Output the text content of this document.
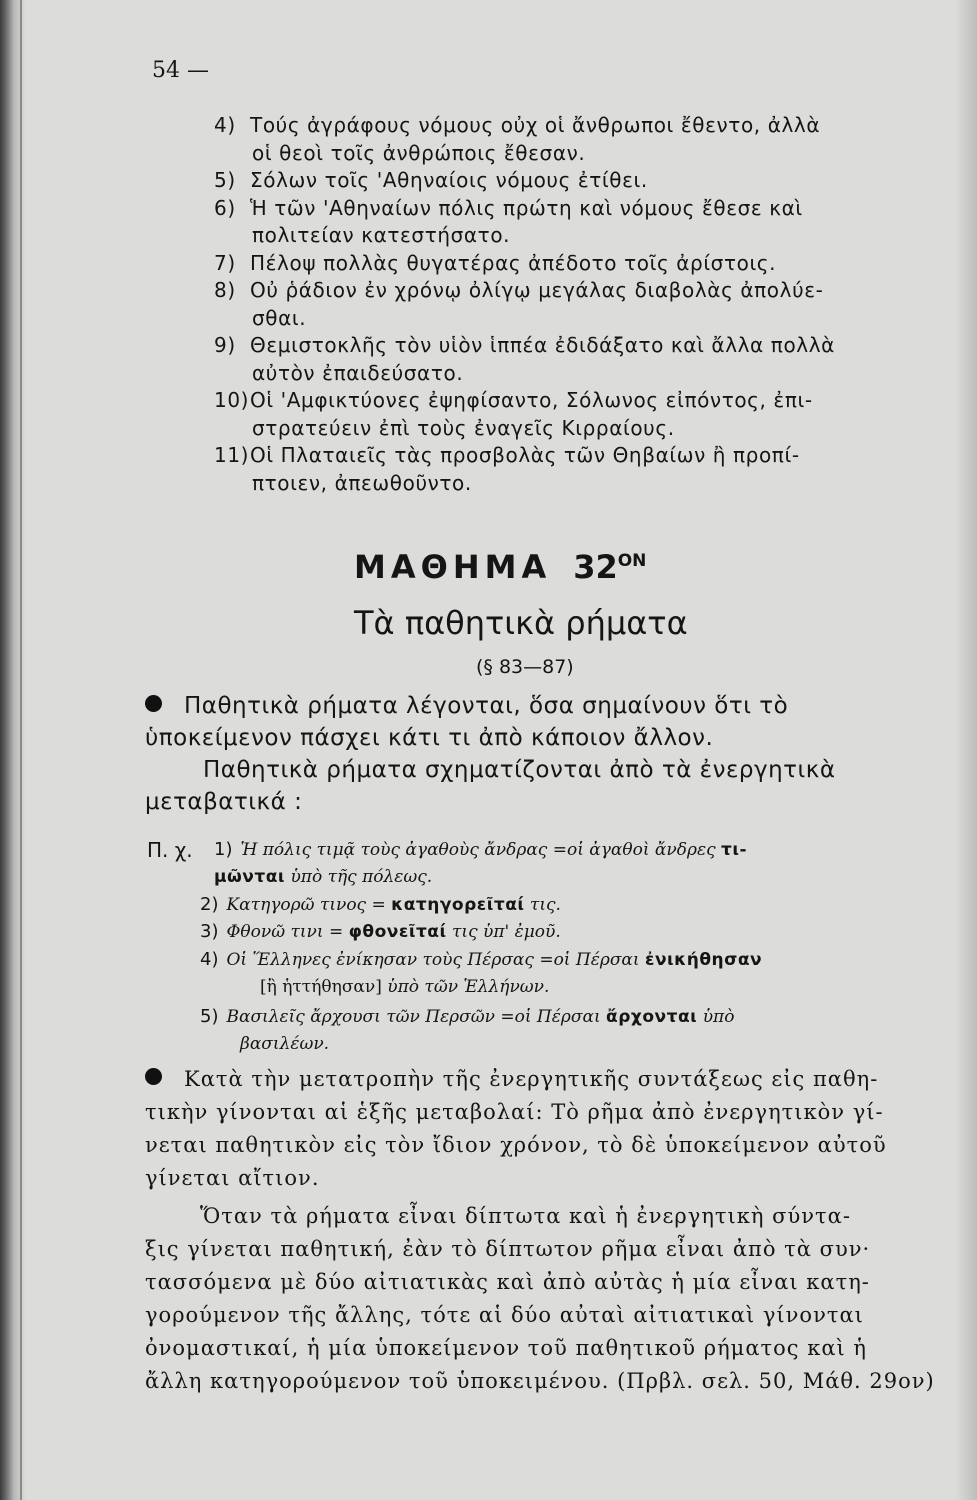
54 —
4) Τούς ἀγράφους νόμους οὐχ οἱ ἄνθρωποι ἔθεντο, ἀλλὰ
οἱ θεοὶ τοῖς ἀνθρώποις ἔθεσαν.
5) Σόλων τοῖς 'Αθηναίοις νόμους ἐτίθει.
6) Ἡ τῶν 'Αθηναίων πόλις πρώτη καὶ νόμους ἔθεσε καὶ
πολιτείαν κατεστήσατο.
7) Πέλοψ πολλὰς θυγατέρας ἀπέδοτο τοῖς ἀρίστοις.
8) Οὐ ῥάδιον ἐν χρόνῳ ὀλίγῳ μεγάλας διαβολὰς ἀπολύε-
σθαι.
9) Θεμιστοκλῆς τὸν υἱὸν ἱππέα ἐδιδάξατο καὶ ἄλλα πολλὰ
αὐτὸν ἐπαιδεύσατο.
10)Οἱ 'Αμφικτύονες ἐψηφίσαντο, Σόλωνος εἰπόντος, ἐπι-
στρατεύειν ἐπὶ τοὺς ἐναγεῖς Κιρραίους.
11)Οἱ Πλαταιεῖς τὰς προσβολὰς τῶν Θηβαίων ἢ προπί-
πτοιεν, ἀπεωθοῦντο.
ΜΑΘΗΜΑ $32^{ON}$
Τὰ παθητικὰ ρήματα
(§ 83—87)
Παθητικὰ ρήματα λέγονται, ὅσα σημαίνουν ὅτι τὸ
ὑποκείμενον πάσχει κάτι τι ἀπὸ κάποιον ἄλλον.
Παθητικὰ ρήματα σχηματίζονται ἀπὸ τὰ ἐνεργητικὰ
μεταβατικά :
Π. χ.	1) Ἡ πόλις τιμᾷ τοὺς ἀγαθοὺς ἄνδρας =οἱ ἀγαθοὶ ἄνδρες τι-
μῶνται ὑπὸ τῆς πόλεως.
2) Κατηγορῶ τινος = κατηγορεῖταί τις.
3) Φθονῶ τινι = φθονεῖταί τις ὑπ' ἐμοῦ.
4) Οἱ Ἕλληνες ἐνίκησαν τοὺς Πέρσας =οἱ Πέρσαι ἐνικήθησαν
[ἢ ἡττήθησαν] ὑπὸ τῶν Ἑλλήνων.
5) Βασιλεῖς ἄρχουσι τῶν Περσῶν =οἱ Πέρσαι ἄρχονται ὑπὸ
βασιλέων.

Κατὰ τὴν μετατροπὴν τῆς ἐνεργητικῆς συντάξεως εἰς παθη-

τικὴν γίνονται αἱ ἑξῆς μεταβολαί: Τὸ ρῆμα ἀπὸ ἐνεργητικὸν γί-

νεται παθητικὸν εἰς τὸν ἴδιον χρόνον, τὸ δὲ ὑποκείμενον αὐτοῦ

γίνεται αἴτιον.

Ὅταν τὰ ρήματα εἶναι δίπτωτα καὶ ἡ ἐνεργητικὴ σύντα-

ξις γίνεται παθητική, ἐὰν τὸ δίπτωτον ρῆμα εἶναι ἀπὸ τὰ συν·

τασσόμενα μὲ δύο αἰτιατικὰς καὶ ἀπὸ αὐτὰς ἡ μία εἶναι κατη-

γορούμενον τῆς ἄλλης, τότε αἱ δύο αὐταὶ αἰτιατικαὶ γίνονται

ὀνομαστικαί, ἡ μία ὑποκείμενον τοῦ παθητικοῦ ρήματος καὶ ἡ

ἄλλη κατηγορούμενον τοῦ ὑποκειμένου. (Πρβλ. σελ. 50, Μάθ. 29ον)
